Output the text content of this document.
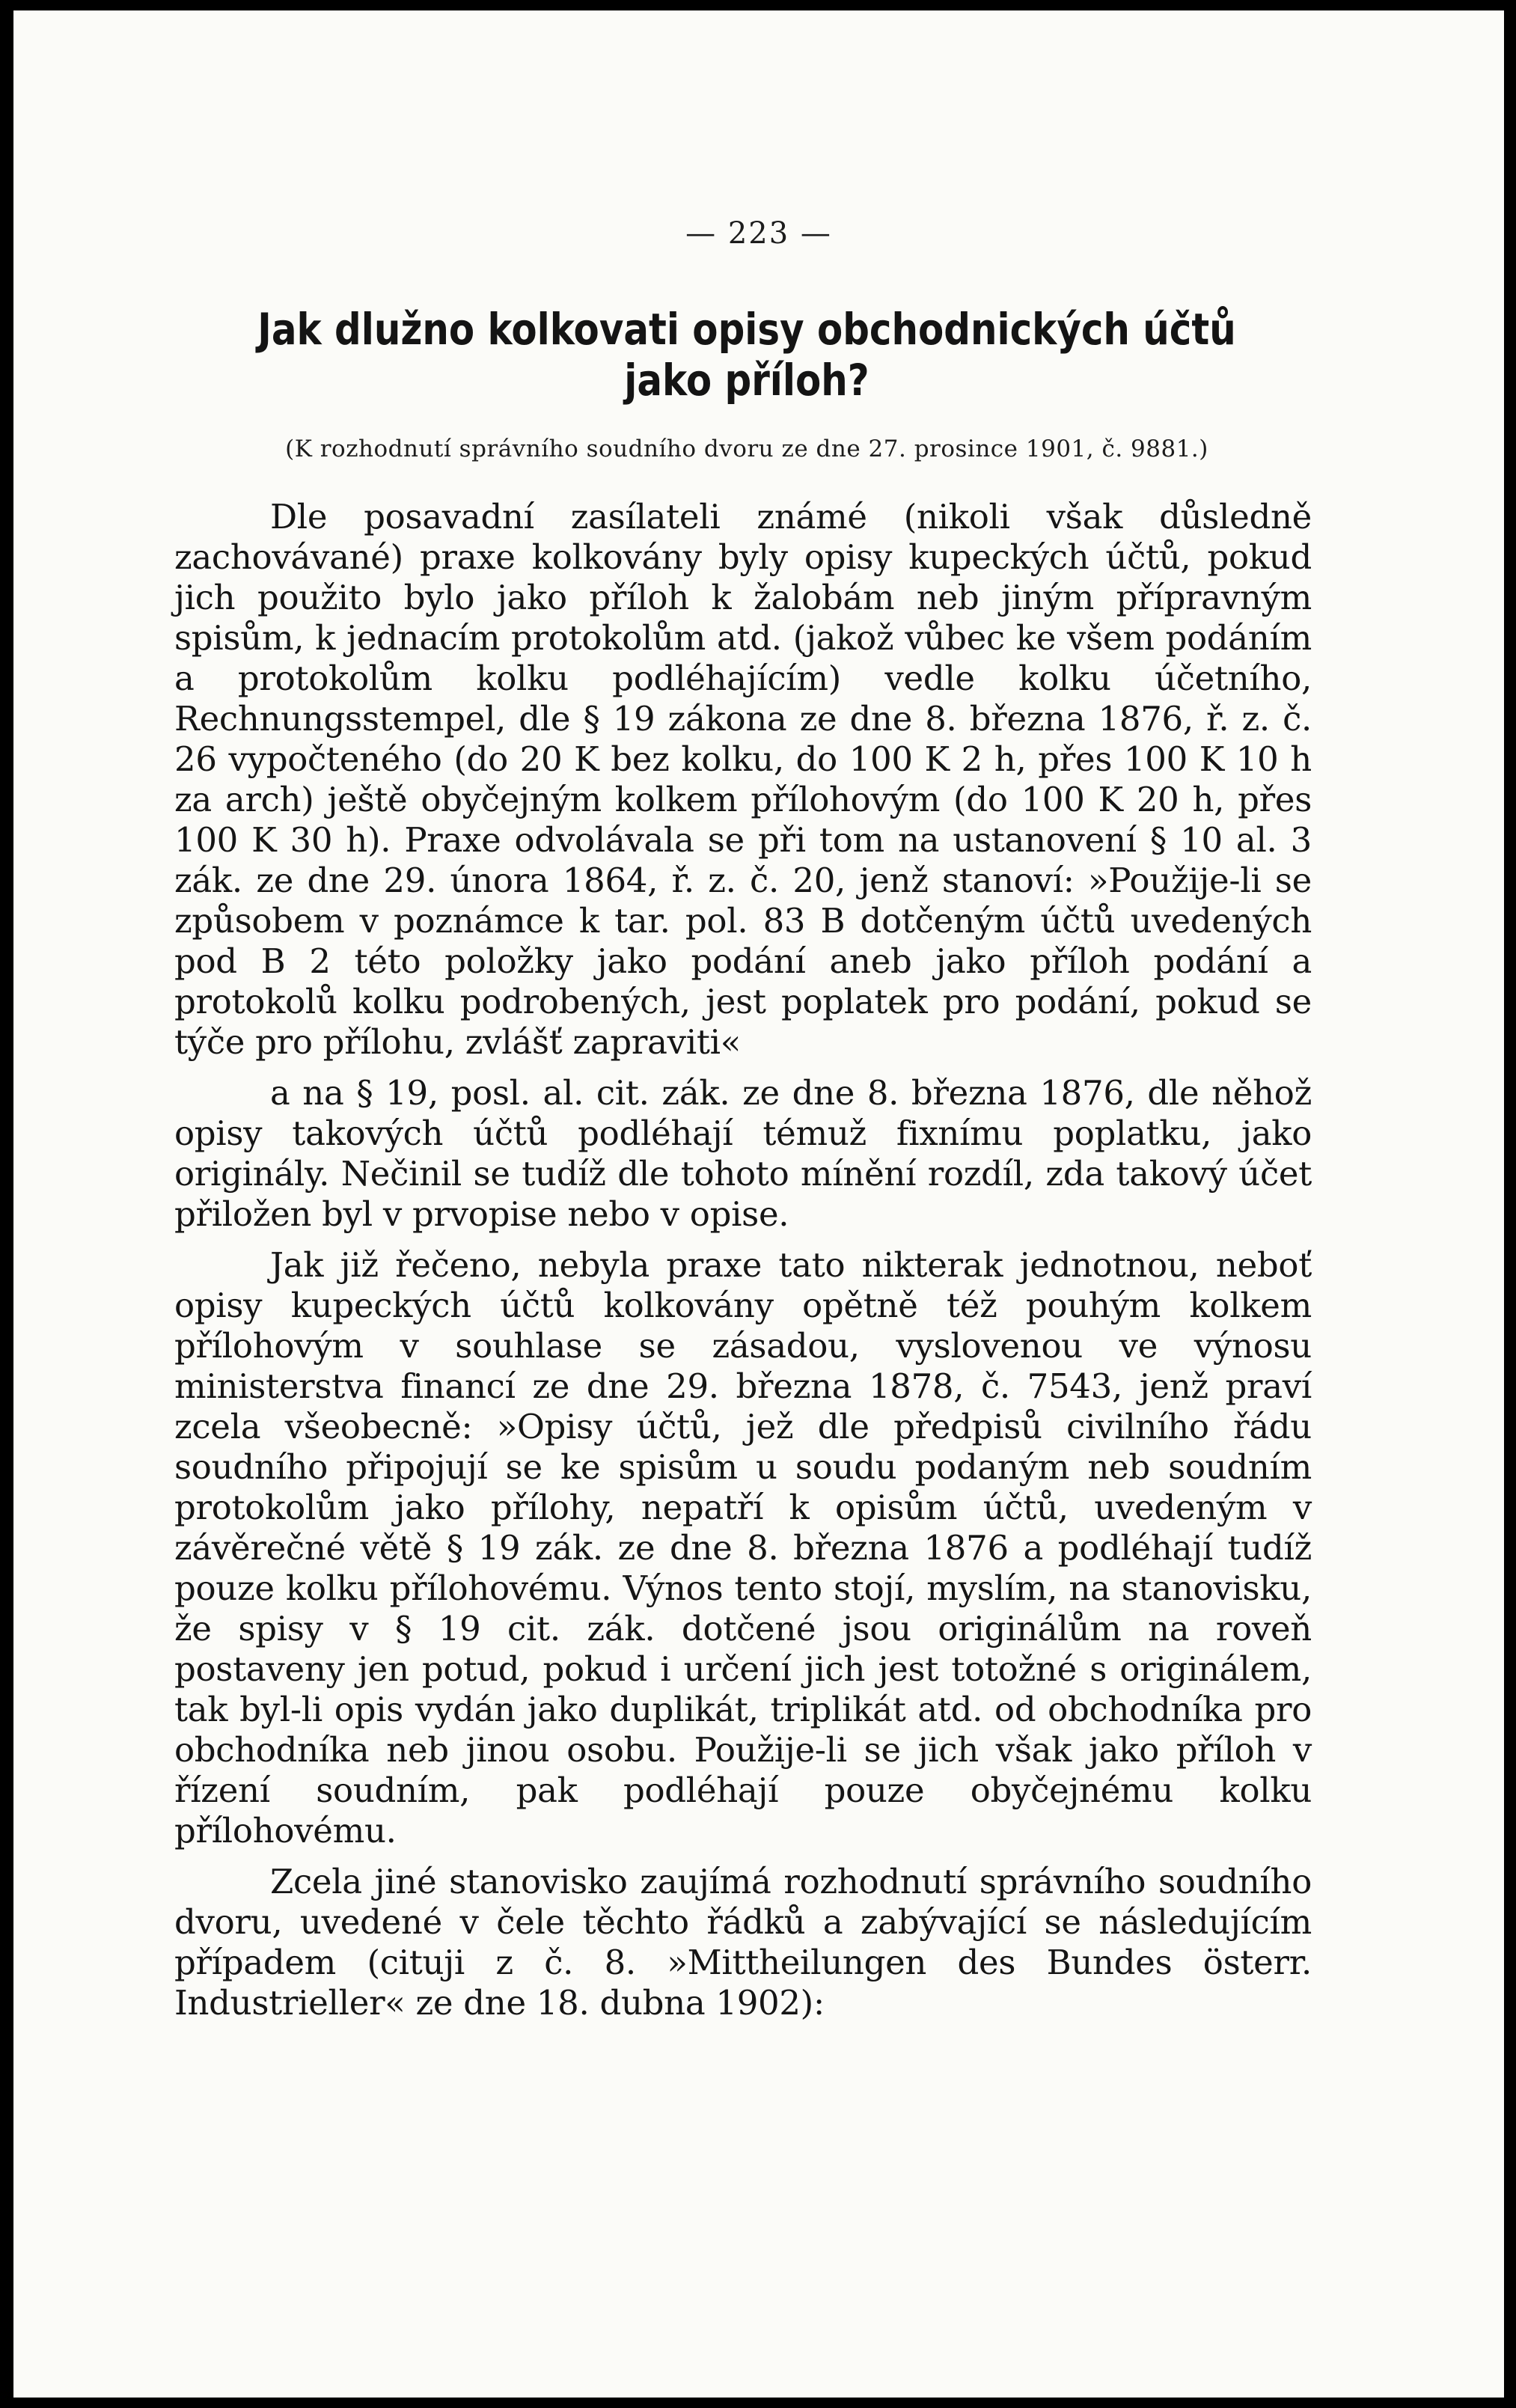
— 223 —
Jak dlužno kolkovati opisy obchodnických účtů jako příloh?
(K rozhodnutí správního soudního dvoru ze dne 27. prosince 1901, č. 9881.)

Dle posavadní zasílateli známé (nikoli však důsledně zachovávané) praxe kolkovány byly opisy kupeckých účtů, pokud jich použito bylo jako příloh k žalobám neb jiným přípravným spisům, k jednacím protokolům atd. (jakož vůbec ke všem podáním a protokolům kolku podléhajícím) vedle kolku účetního, Rechnungsstempel, dle § 19 zákona ze dne 8. března 1876, ř. z. č. 26 vypočteného (do 20 K bez kolku, do 100 K 2 h, přes 100 K 10 h za arch) ještě obyčejným kolkem přílohovým (do 100 K 20 h, přes 100 K 30 h). Praxe odvolávala se při tom na ustanovení § 10 al. 3 zák. ze dne 29. února 1864, ř. z. č. 20, jenž stanoví: »Použije-li se způsobem v poznámce k tar. pol. 83 B dotčeným účtů uvedených pod B 2 této položky jako podání aneb jako příloh podání a protokolů kolku podrobených, jest poplatek pro podání, pokud se týče pro přílohu, zvlášť zapraviti«

a na § 19, posl. al. cit. zák. ze dne 8. března 1876, dle něhož opisy takových účtů podléhají témuž fixnímu poplatku, jako originály. Nečinil se tudíž dle tohoto mínění rozdíl, zda takový účet přiložen byl v prvopise nebo v opise.

Jak již řečeno, nebyla praxe tato nikterak jednotnou, neboť opisy kupeckých účtů kolkovány opětně též pouhým kolkem přílohovým v souhlase se zásadou, vyslovenou ve výnosu ministerstva financí ze dne 29. března 1878, č. 7543, jenž praví zcela všeobecně: »Opisy účtů, jež dle předpisů civilního řádu soudního připojují se ke spisům u soudu podaným neb soudním protokolům jako přílohy, nepatří k opisům účtů, uvedeným v závěrečné větě § 19 zák. ze dne 8. března 1876 a podléhají tudíž pouze kolku přílohovému. Výnos tento stojí, myslím, na stanovisku, že spisy v § 19 cit. zák. dotčené jsou originálům na roveň postaveny jen potud, pokud i určení jich jest totožné s originálem, tak byl-li opis vydán jako duplikát, triplikát atd. od obchodníka pro obchodníka neb jinou osobu. Použije-li se jich však jako příloh v řízení soudním, pak podléhají pouze obyčejnému kolku přílohovému.

Zcela jiné stanovisko zaujímá rozhodnutí správního soudního dvoru, uvedené v čele těchto řádků a zabývající se následujícím případem (cituji z č. 8. »Mittheilungen des Bundes österr. Industrieller« ze dne 18. dubna 1902):
